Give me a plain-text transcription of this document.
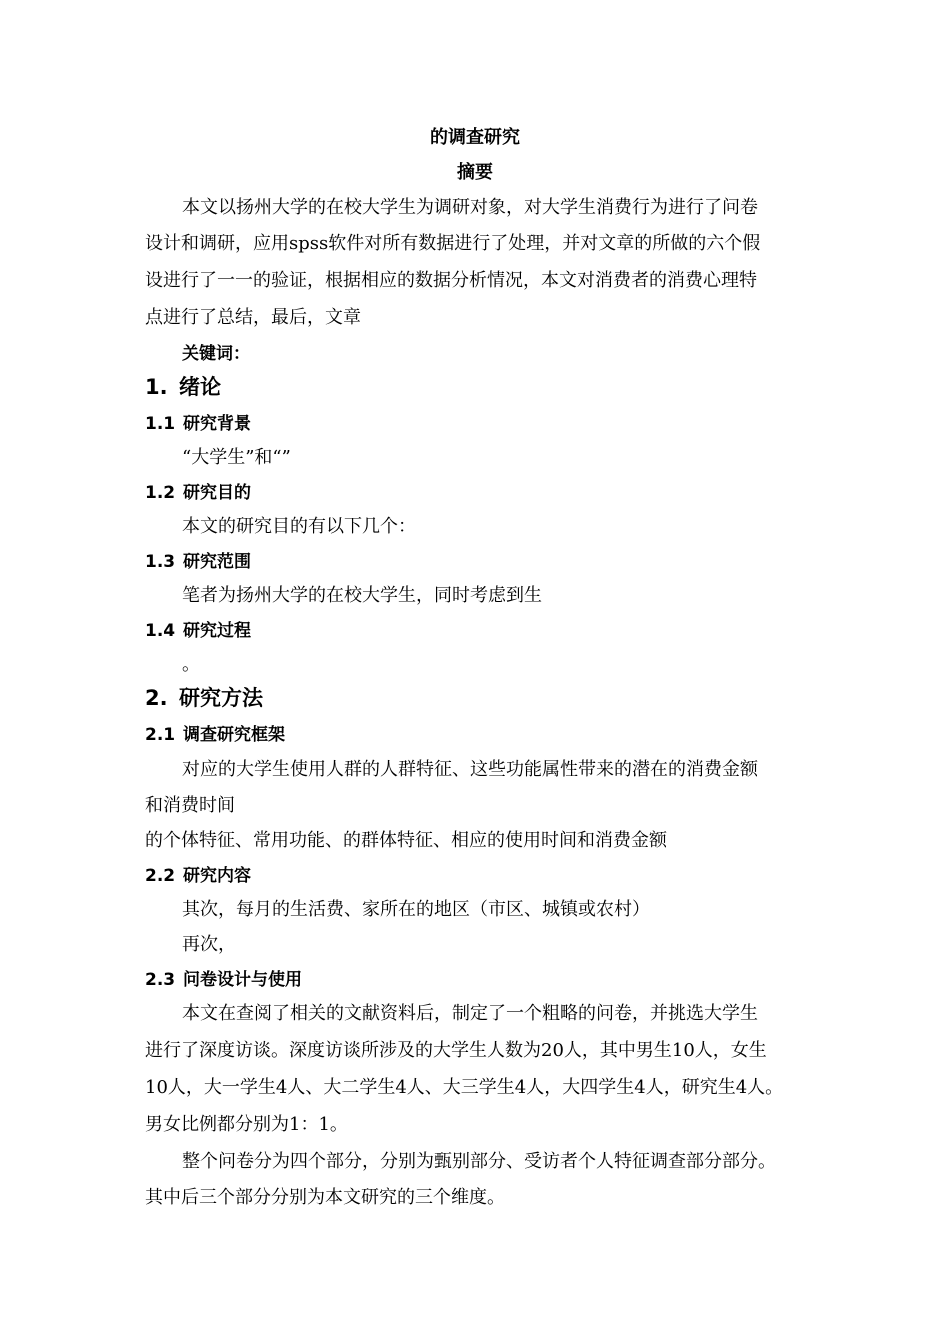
的调查研究
摘要
本文以扬州大学的在校大学生为调研对象，对大学生消费行为进行了问卷
设计和调研，应用spss软件对所有数据进行了处理，并对文章的所做的六个假
设进行了一一的验证，根据相应的数据分析情况，本文对消费者的消费心理特
点进行了总结，最后，文章
关键词：
1. 绪论
1.1 研究背景
“大学生”和“”
1.2 研究目的
本文的研究目的有以下几个：
1.3 研究范围
笔者为扬州大学的在校大学生，同时考虑到生
1.4 研究过程
。
2. 研究方法
2.1 调查研究框架
对应的大学生使用人群的人群特征、这些功能属性带来的潜在的消费金额
和消费时间
的个体特征、常用功能、的群体特征、相应的使用时间和消费金额
2.2 研究内容
其次，每月的生活费、家所在的地区（市区、城镇或农村）
再次，
2.3 问卷设计与使用
本文在查阅了相关的文献资料后，制定了一个粗略的问卷，并挑选大学生
进行了深度访谈。深度访谈所涉及的大学生人数为20人，其中男生10人，女生
10人，大一学生4人、大二学生4人、大三学生4人，大四学生4人，研究生4人。
男女比例都分别为1：1。
整个问卷分为四个部分，分别为甄别部分、受访者个人特征调查部分部分。
其中后三个部分分别为本文研究的三个维度。
